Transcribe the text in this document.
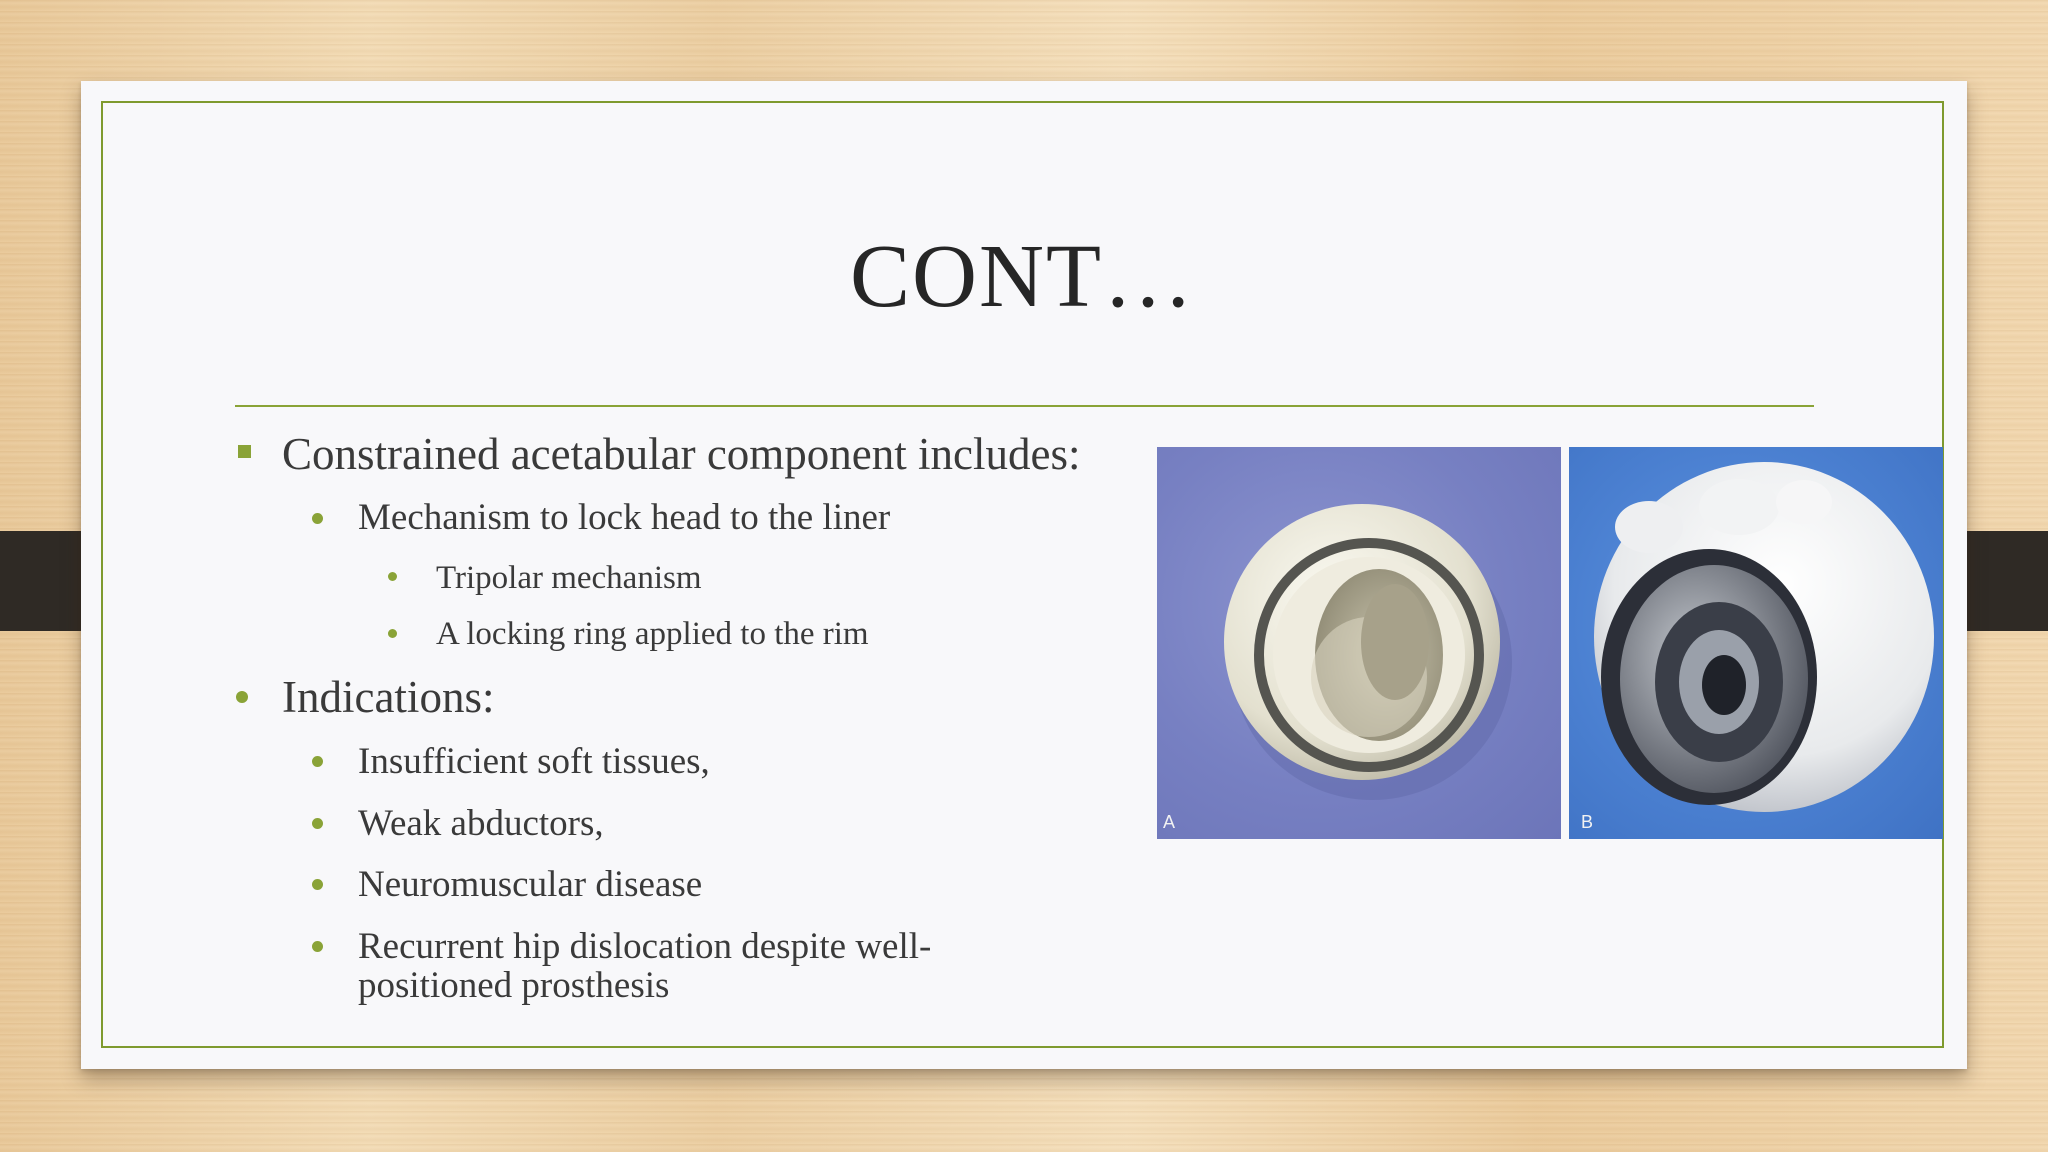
CONT…
Constrained acetabular component includes:
Mechanism to lock head to the liner
Tripolar mechanism
A locking ring applied to the rim
Indications:
Insufficient soft tissues,
Weak abductors,
Neuromuscular disease
Recurrent hip dislocation despite well-
positioned prosthesis
A	B
